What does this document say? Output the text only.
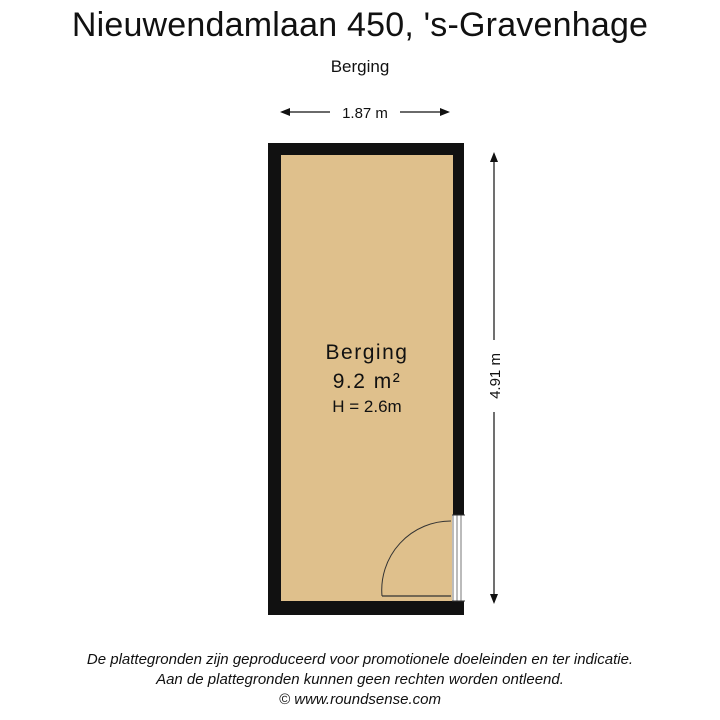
Nieuwendamlaan 450, 's-Gravenhage
Berging
1.87 m
4.91 m
Berging
9.2 m²
H = 2.6m
De plattegronden zijn geproduceerd voor promotionele doeleinden en ter indicatie.
Aan de plattegronden kunnen geen rechten worden ontleend.
© www.roundsense.com
